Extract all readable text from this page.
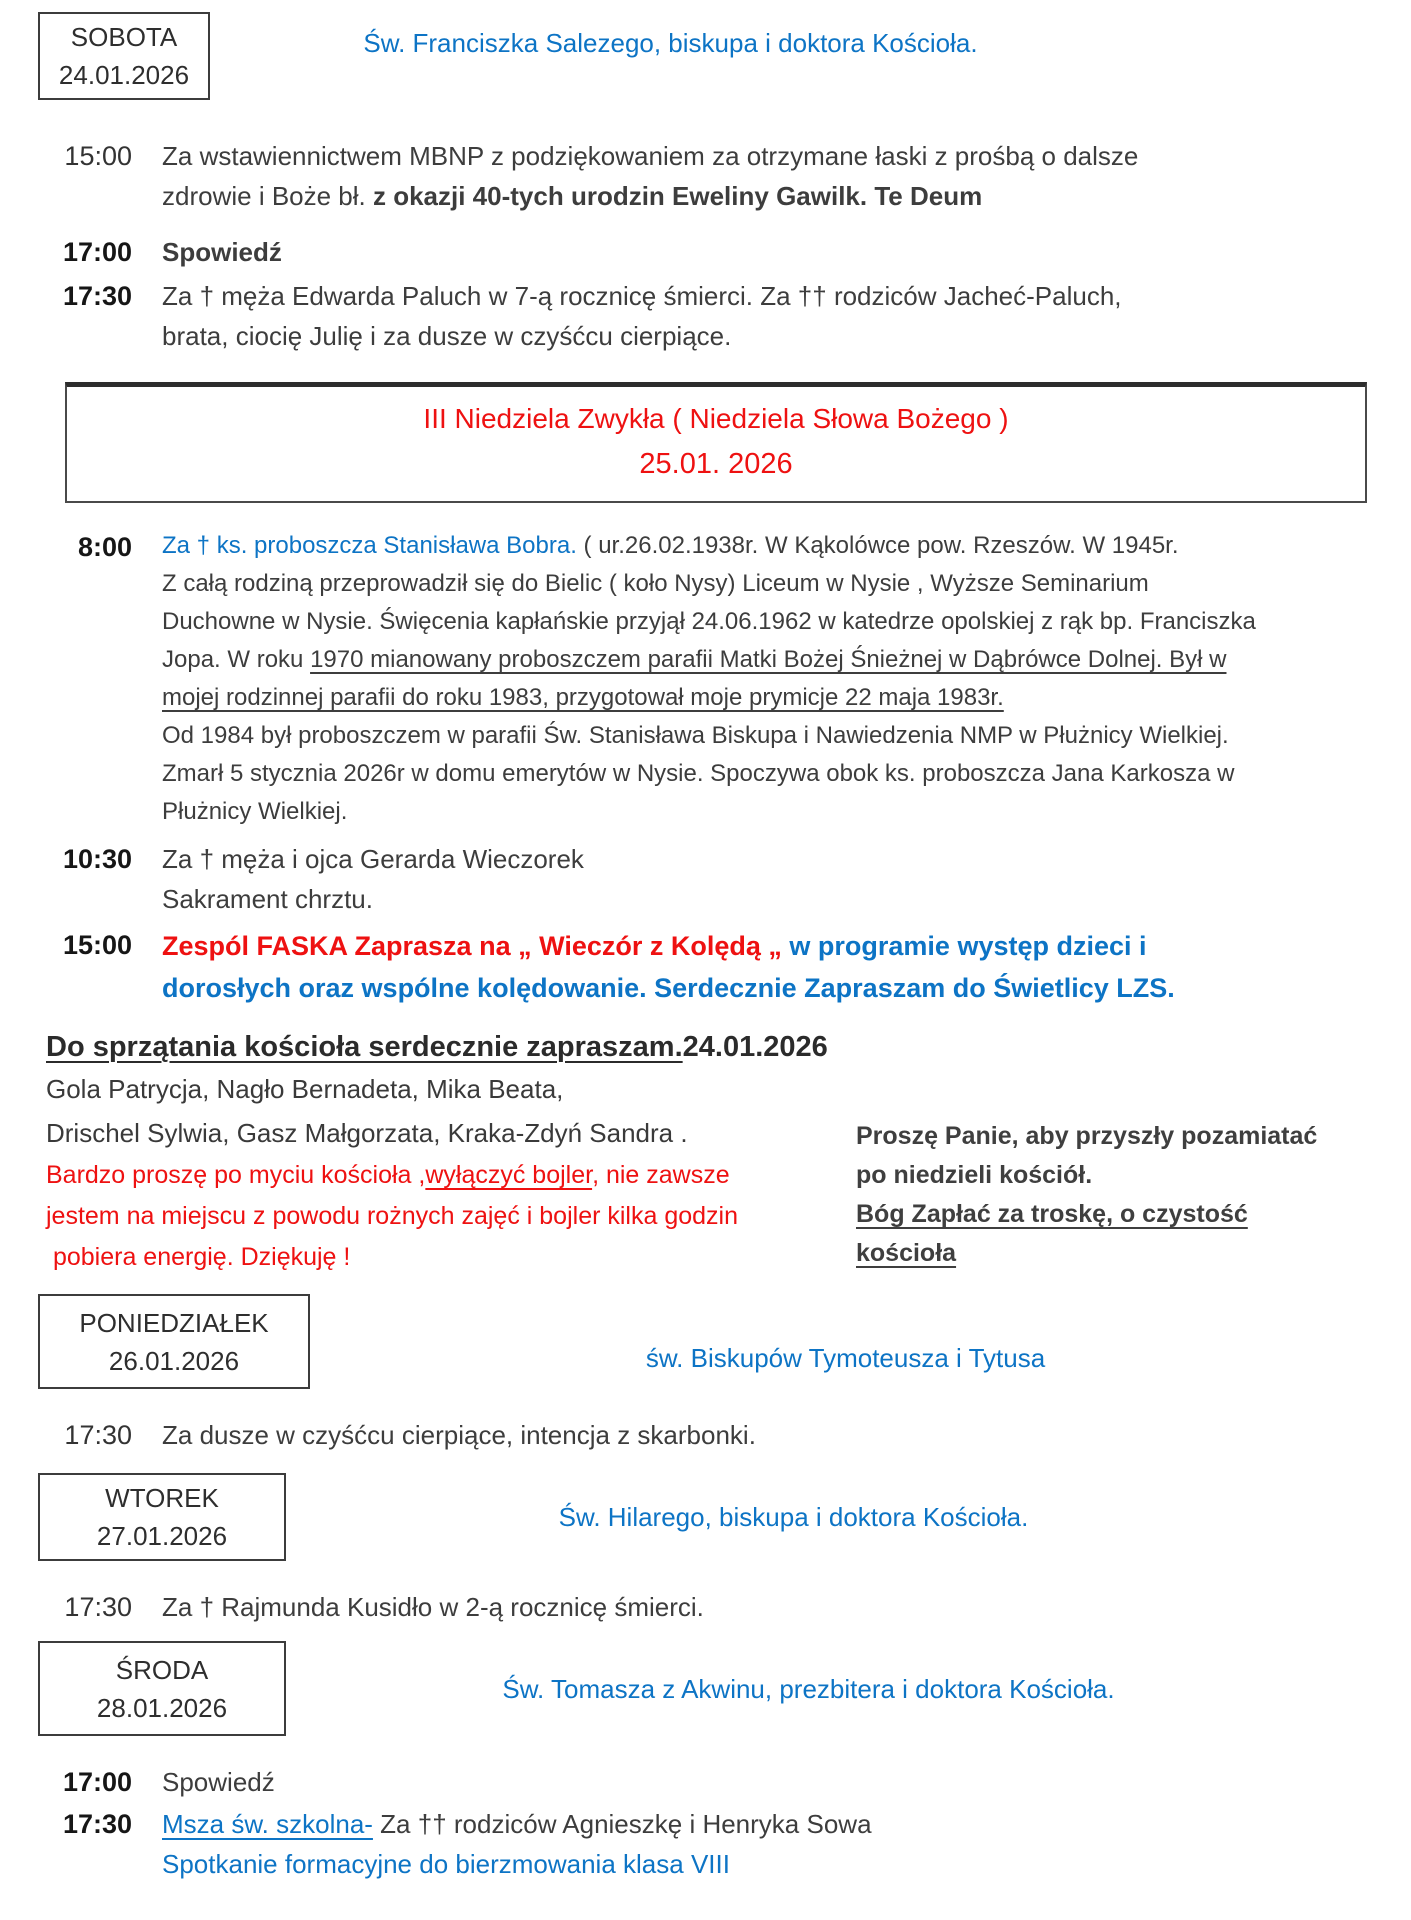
SOBOTA
24.01.2026
Św. Franciszka Salezego, biskupa i doktora Kościoła.
15:00	Za wstawiennictwem MBNP z podziękowaniem za otrzymane łaski z prośbą o dalsze
zdrowie i Boże bł. z okazji 40-tych urodzin Eweliny Gawilk. Te Deum
17:00	Spowiedź
17:30	Za † męża Edwarda Paluch w 7-ą rocznicę śmierci. Za †† rodziców Jacheć-Paluch,
brata, ciocię Julię i za dusze w czyśćcu cierpiące.
III Niedziela Zwykła ( Niedziela Słowa Bożego )
25.01. 2026
8:00	Za † ks. proboszcza Stanisława Bobra. ( ur.26.02.1938r. W Kąkolówce pow. Rzeszów. W 1945r.
Z całą rodziną przeprowadził się do Bielic ( koło Nysy) Liceum w Nysie , Wyższe Seminarium
Duchowne w Nysie. Święcenia kapłańskie przyjął 24.06.1962 w katedrze opolskiej z rąk bp. Franciszka
Jopa. W roku 1970 mianowany proboszczem parafii Matki Bożej Śnieżnej w Dąbrówce Dolnej. Był w
mojej rodzinnej parafii do roku 1983, przygotował moje prymicje 22 maja 1983r.
Od 1984 był proboszczem w parafii Św. Stanisława Biskupa i Nawiedzenia NMP w Płużnicy Wielkiej.
Zmarł 5 stycznia 2026r w domu emerytów w Nysie. Spoczywa obok ks. proboszcza Jana Karkosza w
Płużnicy Wielkiej.
10:30	Za † męża i ojca Gerarda Wieczorek
Sakrament chrztu.
15:00	Zespól FASKA Zaprasza na „ Wieczór z Kolędą „ w programie występ dzieci i
dorosłych oraz wspólne kolędowanie. Serdecznie Zapraszam do Świetlicy LZS.
Do sprzątania kościoła serdecznie zapraszam.24.01.2026
Gola Patrycja, Nagło Bernadeta, Mika Beata,
Drischel Sylwia, Gasz Małgorzata, Kraka-Zdyń Sandra .
Bardzo proszę po myciu kościoła ,wyłączyć bojler, nie zawsze
jestem na miejscu z powodu rożnych zajęć i bojler kilka godzin
pobiera energię. Dziękuję !
Proszę Panie, aby przyszły pozamiatać
po niedzieli kościół.
Bóg Zapłać za troskę, o czystość
kościoła
PONIEDZIAŁEK
26.01.2026	św. Biskupów Tymoteusza i Tytusa
17:30	Za dusze w czyśćcu cierpiące, intencja z skarbonki.
WTOREK
27.01.2026
Św. Hilarego, biskupa i doktora Kościoła.
17:30	Za † Rajmunda Kusidło w 2-ą rocznicę śmierci.
ŚRODA
28.01.2026
Św. Tomasza z Akwinu, prezbitera i doktora Kościoła.
17:00	Spowiedź
17:30	Msza św. szkolna- Za †† rodziców Agnieszkę i Henryka Sowa
Spotkanie formacyjne do bierzmowania klasa VIII
